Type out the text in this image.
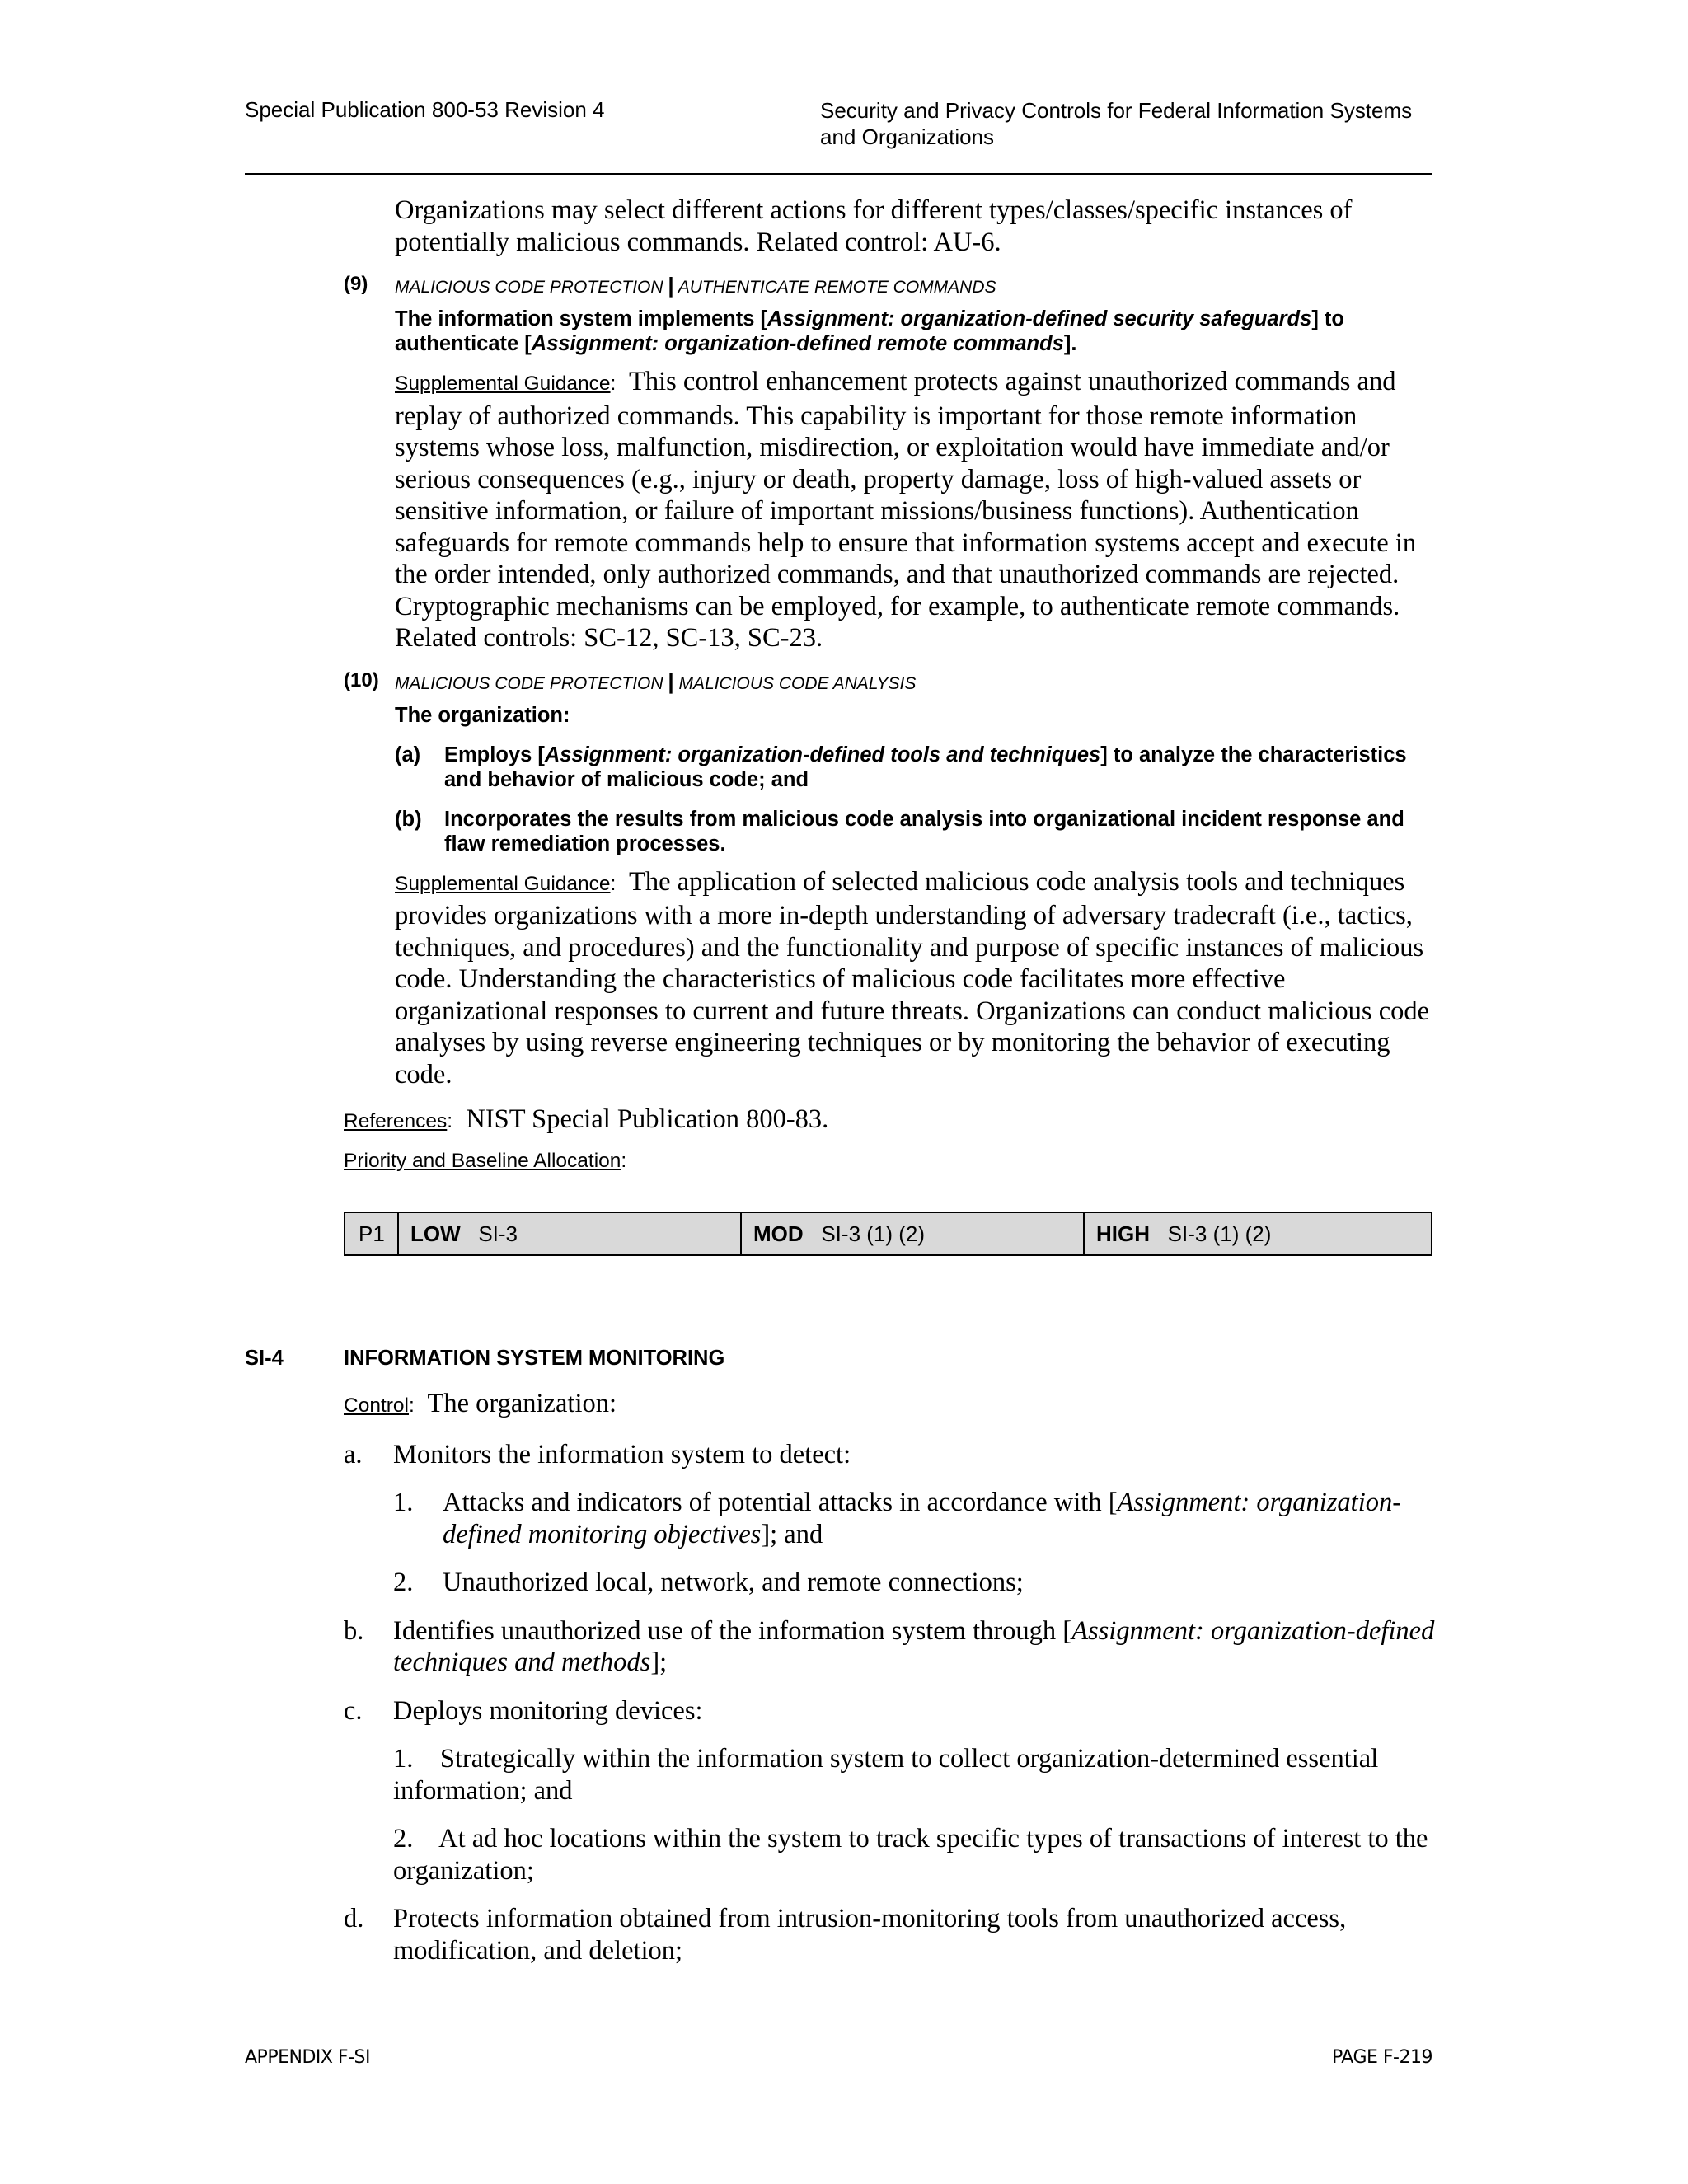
Special Publication 800-53 Revision 4	Security and Privacy Controls for Federal Information Systems
and Organizations
Organizations may select different actions for different types/classes/specific instances of potentially malicious commands. Related control: AU-6.
(9) MALICIOUS CODE PROTECTION | AUTHENTICATE REMOTE COMMANDS
The information system implements [Assignment: organization-defined security safeguards] to authenticate [Assignment: organization-defined remote commands].
Supplemental Guidance: This control enhancement protects against unauthorized commands and replay of authorized commands. This capability is important for those remote information systems whose loss, malfunction, misdirection, or exploitation would have immediate and/or serious consequences (e.g., injury or death, property damage, loss of high-valued assets or sensitive information, or failure of important missions/business functions). Authentication safeguards for remote commands help to ensure that information systems accept and execute in the order intended, only authorized commands, and that unauthorized commands are rejected. Cryptographic mechanisms can be employed, for example, to authenticate remote commands. Related controls: SC-12, SC-13, SC-23.
(10) MALICIOUS CODE PROTECTION | MALICIOUS CODE ANALYSIS
The organization:
(a) Employs [Assignment: organization-defined tools and techniques] to analyze the characteristics and behavior of malicious code; and
(b) Incorporates the results from malicious code analysis into organizational incident response and flaw remediation processes.
Supplemental Guidance: The application of selected malicious code analysis tools and techniques provides organizations with a more in-depth understanding of adversary tradecraft (i.e., tactics, techniques, and procedures) and the functionality and purpose of specific instances of malicious code. Understanding the characteristics of malicious code facilitates more effective organizational responses to current and future threats. Organizations can conduct malicious code analyses by using reverse engineering techniques or by monitoring the behavior of executing code.
References: NIST Special Publication 800-83.
Priority and Baseline Allocation:
P1	LOW SI-3	MOD SI-3 (1) (2)	HIGH SI-3 (1) (2)
SI-4	INFORMATION SYSTEM MONITORING
Control: The organization:
a. Monitors the information system to detect:
1. Attacks and indicators of potential attacks in accordance with [Assignment: organization-defined monitoring objectives]; and
2. Unauthorized local, network, and remote connections;
b. Identifies unauthorized use of the information system through [Assignment: organization-defined techniques and methods];
c. Deploys monitoring devices:
1. Strategically within the information system to collect organization-determined essential information; and
2. At ad hoc locations within the system to track specific types of transactions of interest to the organization;
d. Protects information obtained from intrusion-monitoring tools from unauthorized access, modification, and deletion;
APPENDIX F-SI	PAGE F-219
